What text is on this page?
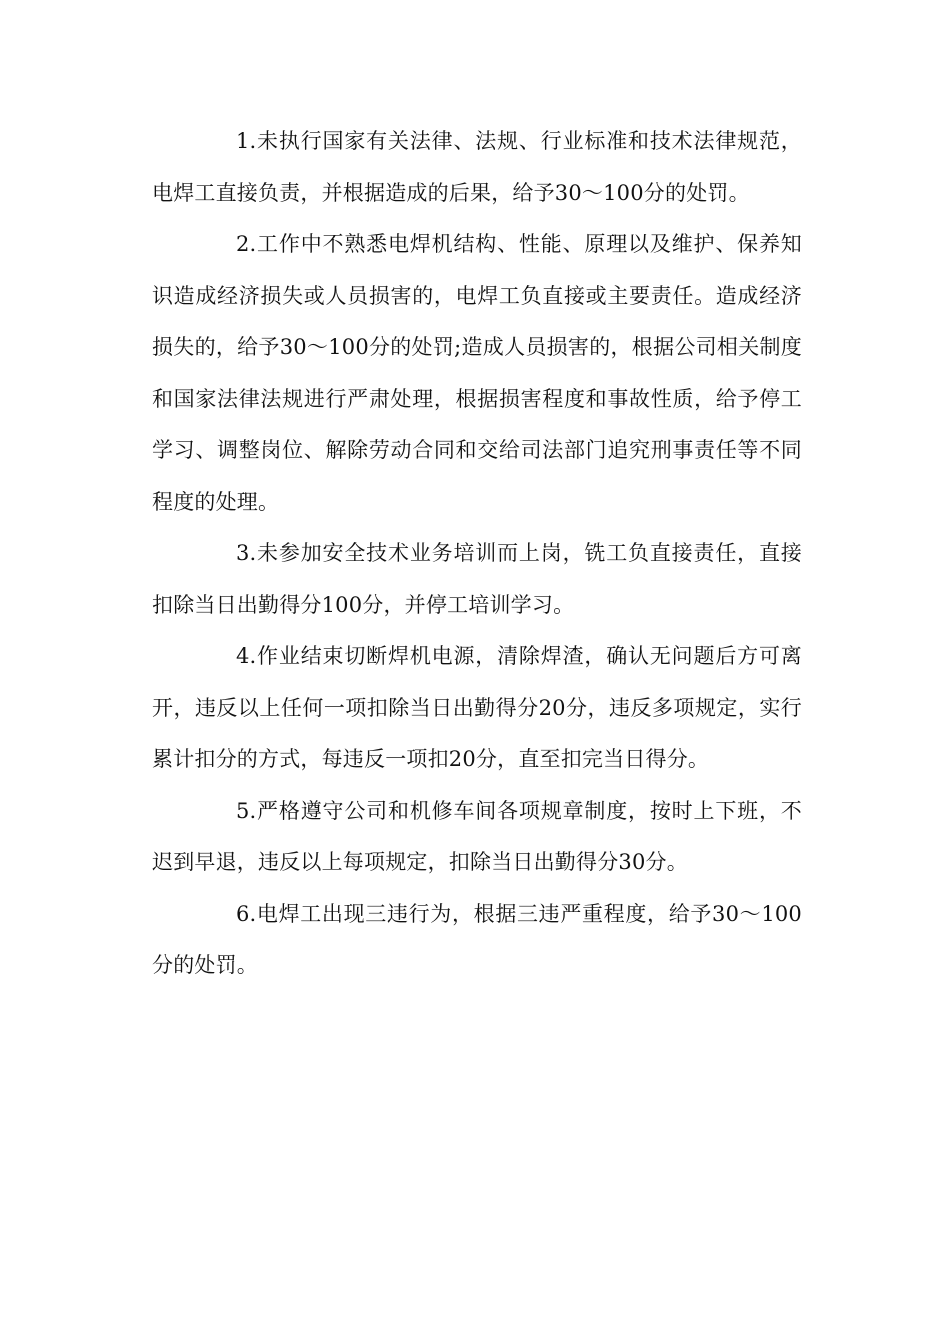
1.未执行国家有关法律、法规、行业标准和技术法律规范，电焊工直接负责，并根据造成的后果，给予30～100分的处罚。

2.工作中不熟悉电焊机结构、性能、原理以及维护、保养知识造成经济损失或人员损害的，电焊工负直接或主要责任。造成经济损失的，给予30～100分的处罚;造成人员损害的，根据公司相关制度和国家法律法规进行严肃处理，根据损害程度和事故性质，给予停工学习、调整岗位、解除劳动合同和交给司法部门追究刑事责任等不同程度的处理。

3.未参加安全技术业务培训而上岗，铣工负直接责任，直接扣除当日出勤得分100分，并停工培训学习。

4.作业结束切断焊机电源，清除焊渣，确认无问题后方可离开，违反以上任何一项扣除当日出勤得分20分，违反多项规定，实行累计扣分的方式，每违反一项扣20分，直至扣完当日得分。

5.严格遵守公司和机修车间各项规章制度，按时上下班，不迟到早退，违反以上每项规定，扣除当日出勤得分30分。

6.电焊工出现三违行为，根据三违严重程度，给予30～100分的处罚。
